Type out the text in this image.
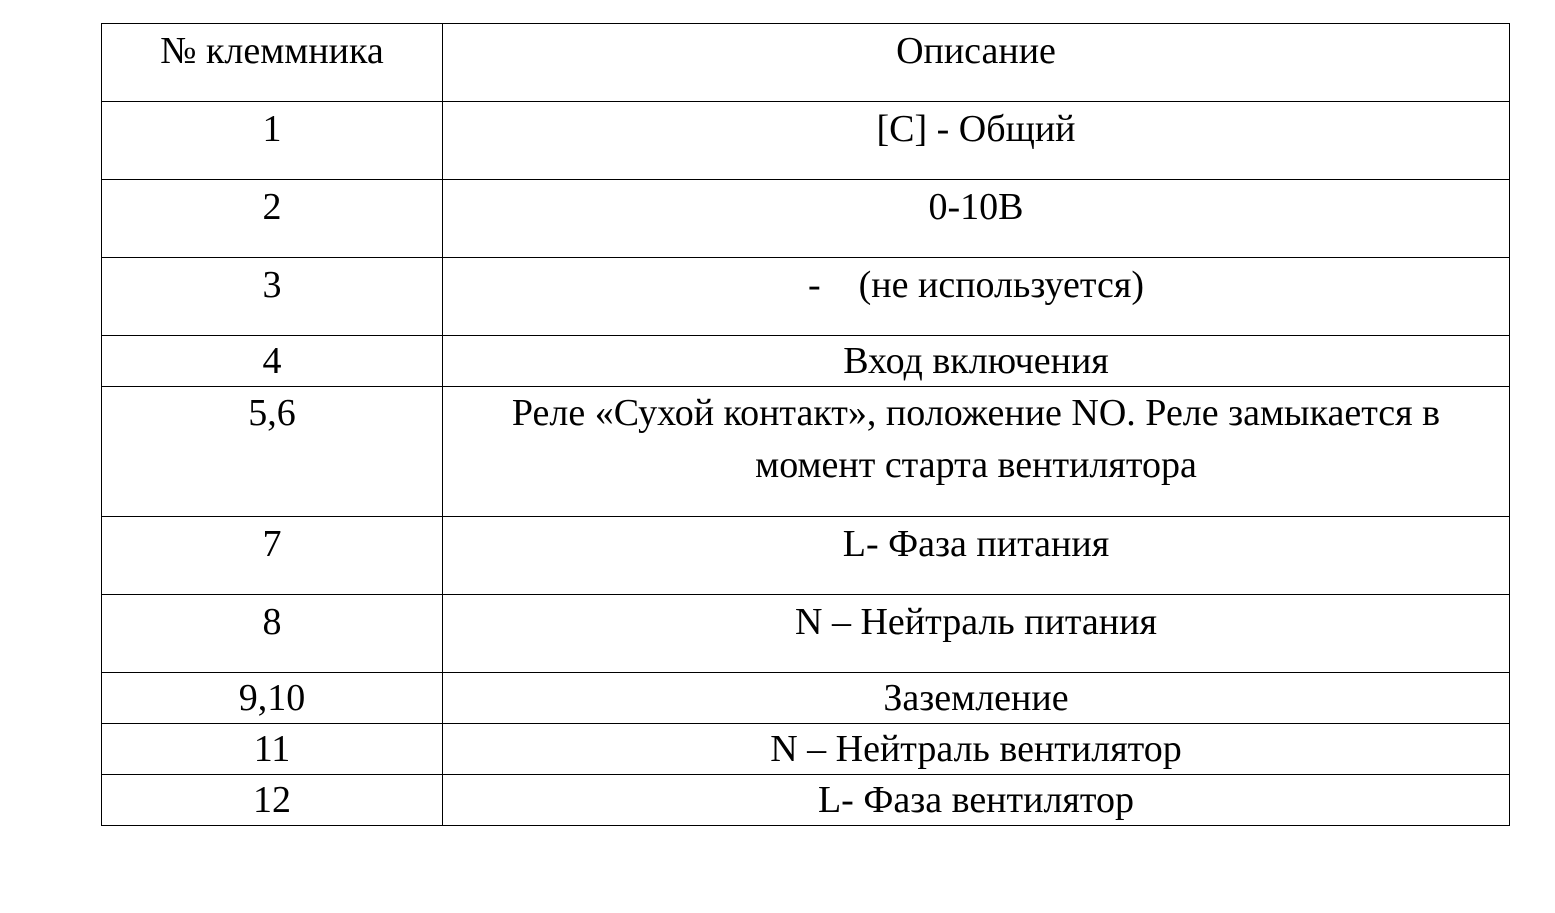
№ клеммника	Описание
1	[C] - Общий
2	0-10В
3	- (не используется)
4	Вход включения
5,6	Реле «Сухой контакт», положение NO. Реле замыкается в момент старта вентилятора
7	L- Фаза питания
8	N – Нейтраль питания
9,10	Заземление
11	N – Нейтраль вентилятор
12	L- Фаза вентилятор
